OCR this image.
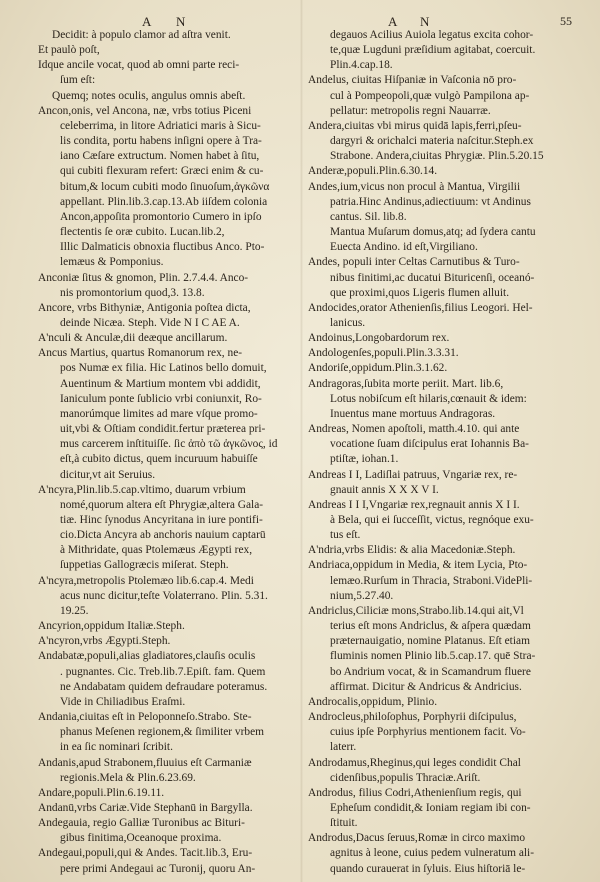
A N	A N	55

Decidit: à populo clamor ad aſtra venit.

Et paulò poſt,

Idque ancile vocat, quod ab omni parte reci-

ſum eſt:

Quemq; notes oculis, angulus omnis abeſt.

Ancon,onis, vel Ancona, næ, vrbs totius Piceni

celeberrima, in litore Adriatici maris à Sicu-

lis condita, portu habens inſigni opere à Tra-

iano Cæſare extructum. Nomen habet à ſitu,

qui cubiti flexuram refert: Græci enim & cu-

bitum,& locum cubiti modo ſinuoſum,ἀγκῶνα

appellant. Plin.lib.3.cap.13.Ab iiſdem colonia

Ancon,appoſita promontorio Cumero in ipſo

flectentis ſe oræ cubito. Lucan.lib.2,

Illic Dalmaticis obnoxia fluctibus Anco. Pto-

lemæus & Pomponius.

Anconiæ ſitus & gnomon, Plin. 2.7.4.4. Anco-

nis promontorium quod,3. 13.8.

Ancore, vrbs Bithyniæ, Antigonia poſtea dicta,

deinde Nicæa. Steph. Vide N I C AE A.

A'nculi & Anculæ,dii deæque ancillarum.

Ancus Martius, quartus Romanorum rex, ne-

pos Numæ ex filia. Hic Latinos bello domuit,

Auentinum & Martium montem vbi addidit,

Ianiculum ponte ſublicio vrbi coniunxit, Ro-

manorúmque limites ad mare vſque promo-

uit,vbi & Oſtiam condidit.fertur præterea pri-

mus carcerem inſtituiſſe. ſic ἀπὸ τῶ ἀγκῶνος, id

eſt,à cubito dictus, quem incuruum habuiſſe

dicitur,vt ait Seruius.

A'ncyra,Plin.lib.5.cap.vltimo, duarum vrbium

nomé,quorum altera eſt Phrygiæ,altera Gala-

tiæ. Hinc ſynodus Ancyritana in iure pontifi-

cio.Dicta Ancyra ab anchoris nauium captarū

à Mithridate, quas Ptolemæus Ægypti rex,

ſuppetias Gallogræcis miſerat. Steph.

A'ncyra,metropolis Ptolemæo lib.6.cap.4. Medi

acus nunc dicitur,teſte Volaterrano. Plin. 5.31.

19.25.

Ancyrion,oppidum Italiæ.Steph.

A'ncyron,vrbs Ægypti.Steph.

Andabatæ,populi,alias gladiatores,clauſis oculis

. pugnantes. Cic. Treb.lib.7.Epiſt. fam. Quem

ne Andabatam quidem defraudare poteramus.

Vide in Chiliadibus Eraſmi.

Andania,ciuitas eſt in Peloponneſo.Strabo. Ste-

phanus Meſenen regionem,& ſimiliter vrbem

in ea ſic nominari ſcribit.

Andanis,apud Strabonem,fluuius eſt Carmaniæ

regionis.Mela & Plin.6.23.69.

Andare,populi.Plin.6.19.11.

Andanū,vrbs Cariæ.Vide Stephanū in Bargylla.

Andegauia, regio Galliæ Turonibus ac Bituri-

gibus finitima,Oceanoque proxima.

Andegaui,populi,qui & Andes. Tacit.lib.3, Eru-

pere primi Andegaui ac Turonij, quoru An-

degauos Acilius Auiola legatus excita cohor-

te,quæ Lugduni præſidium agitabat, coercuit.

Plin.4.cap.18.

Andelus, ciuitas Hiſpaniæ in Vaſconia nō pro-

cul à Pompeopoli,quæ vulgò Pampilona ap-

pellatur: metropolis regni Nauarræ.

Andera,ciuitas vbi mirus quidā lapis,ferri,pſeu-

dargyri & orichalci materia naſcitur.Steph.ex

Strabone. Andera,ciuitas Phrygiæ. Plin.5.20.15

Anderæ,populi.Plin.6.30.14.

Andes,ium,vicus non procul à Mantua, Virgilii

patria.Hinc Andinus,adiectiuum: vt Andinus

cantus. Sil. lib.8.

Mantua Muſarum domus,atq; ad ſydera cantu

Euecta Andino. id eſt,Virgiliano.

Andes, populi inter Celtas Carnutibus & Turo-

nibus finitimi,ac ducatui Bituricenſi, oceanó-

que proximi,quos Ligeris flumen alluit.

Andocides,orator Athenienſis,filius Leogori. Hel-

lanicus.

Andoinus,Longobardorum rex.

Andologenſes,populi.Plin.3.3.31.

Andoriſe,oppidum.Plin.3.1.62.

Andragoras,ſubita morte periit. Mart. lib.6,

Lotus nobiſcum eſt hilaris,cœnauit & idem:

Inuentus mane mortuus Andragoras.

Andreas, Nomen apoſtoli, matth.4.10. qui ante

vocatione ſuam diſcipulus erat Iohannis Ba-

ptiſtæ, iohan.1.

Andreas I I, Ladiſlai patruus, Vngariæ rex, re-

gnauit annis X X X V I.

Andreas I I I,Vngariæ rex,regnauit annis X I I.

à Bela, qui ei ſucceſſit, victus, regnóque exu-

tus eſt.

A'ndria,vrbs Elidis: & alia Macedoniæ.Steph.

Andriaca,oppidum in Media, & item Lycia, Pto-

lemæo.Rurſum in Thracia, Straboni.VidePli-

nium,5.27.40.

Andriclus,Ciliciæ mons,Strabo.lib.14.qui ait,Vl

terius eſt mons Andriclus, & aſpera quædam

præternauigatio, nomine Platanus. Eſt etiam

fluminis nomen Plinio lib.5.cap.17. quē Stra-

bo Andrium vocat, & in Scamandrum fluere

affirmat. Dicitur & Andricus & Andricius.

Androcalis,oppidum, Plinio.

Androcleus,philoſophus, Porphyrii diſcipulus,

cuius ipſe Porphyrius mentionem facit. Vo-

laterr.

Androdamus,Rheginus,qui leges condidit Chal

cidenſibus,populis Thraciæ.Ariſt.

Androdus, filius Codri,Athenienſium regis, qui

Epheſum condidit,& Ioniam regiam ibi con-

ſtituit.

Androdus,Dacus ſeruus,Romæ in circo maximo

agnitus à leone, cuius pedem vulneratum ali-

quando curauerat in ſyluis. Eius hiſtoriā le-
